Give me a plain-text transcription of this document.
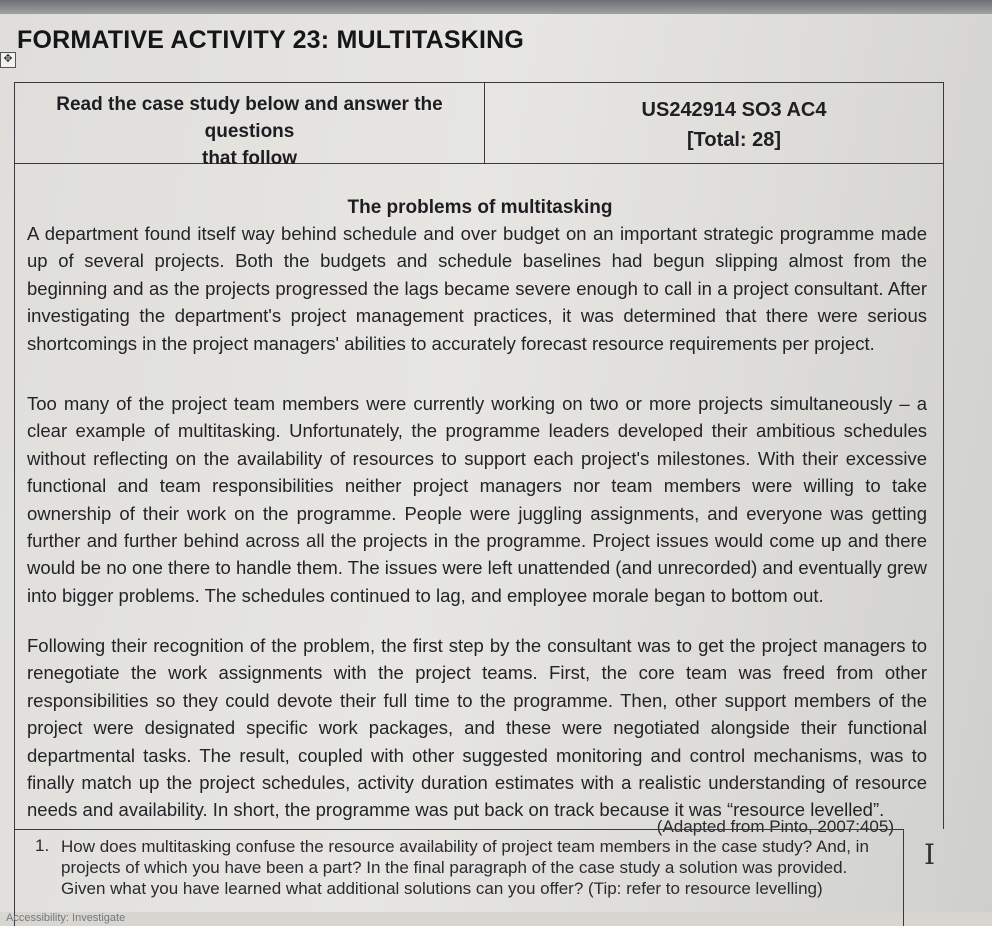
FORMATIVE ACTIVITY 23: MULTITASKING
✥
Read the case study below and answer the questions
that follow
US242914 SO3 AC4
[Total: 28]
The problems of multitasking
A department found itself way behind schedule and over budget on an important strategic programme made up of several projects. Both the budgets and schedule baselines had begun slipping almost from the beginning and as the projects progressed the lags became severe enough to call in a project consultant. After investigating the department's project management practices, it was determined that there were serious shortcomings in the project managers' abilities to accurately forecast resource requirements per project.
Too many of the project team members were currently working on two or more projects simultaneously – a clear example of multitasking. Unfortunately, the programme leaders developed their ambitious schedules without reflecting on the availability of resources to support each project's milestones. With their excessive functional and team responsibilities neither project managers nor team members were willing to take ownership of their work on the programme. People were juggling assignments, and everyone was getting further and further behind across all the projects in the programme. Project issues would come up and there would be no one there to handle them. The issues were left unattended (and unrecorded) and eventually grew into bigger problems. The schedules continued to lag, and employee morale began to bottom out.
Following their recognition of the problem, the first step by the consultant was to get the project managers to renegotiate the work assignments with the project teams. First, the core team was freed from other responsibilities so they could devote their full time to the programme. Then, other support members of the project were designated specific work packages, and these were negotiated alongside their functional departmental tasks. The result, coupled with other suggested monitoring and control mechanisms, was to finally match up the project schedules, activity duration estimates with a realistic understanding of resource needs and availability. In short, the programme was put back on track because it was “resource levelled”.
(Adapted from Pinto, 2007:405)
1. How does multitasking confuse the resource availability of project team members in the case study? And, in projects of which you have been a part? In the final paragraph of the case study a solution was provided. Given what you have learned what additional solutions can you offer? (Tip: refer to resource levelling)
I
Accessibility: Investigate
